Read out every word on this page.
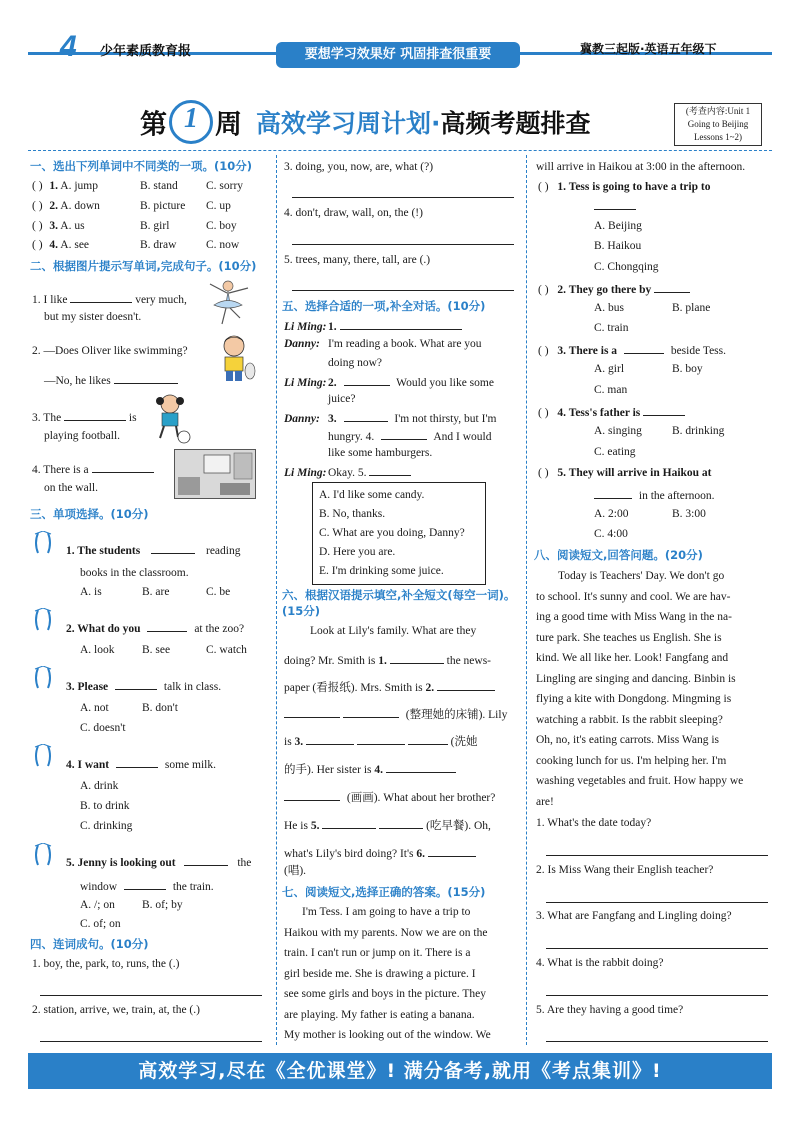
4 少年素质教育报	要想学习效果好 巩固排查很重要	冀教三起版·英语五年级下
第 1 周 高效学习周计划·高频考题排查	(考查内容:Unit 1
Going to Beijing
Lessons 1~2)
一、选出下列单词中不同类的一项。(10分)
( ) 1. A. jump	B. stand C. sorry
( ) 2. A. down	B. picture C. up
( ) 3. A. us	B. girl	C. boy
( ) 4. A. see	B. draw	C. now
二、根据图片提示写单词,完成句子。(10分)
1. I like	very much,
but my sister doesn't.
2. —Does Oliver like swimming?
—No, he likes
3. The	is
playing football.
4. There is a
on the wall.
三、单项选择。(10分)
1. The students	reading
books in the classroom.
A. is	B. are	C. be
2. What do you	at the zoo?
A. look B. see	C. watch
3. Please	talk in class.
A. not	B. don't
C. doesn't
4. I want	some milk.
A. drink
B. to drink
C. drinking
5. Jenny is looking out	the
window	the train.
A. /; on B. of; by
C. of; on
四、连词成句。(10分)
1. boy, the, park, to, runs, the (.)
2. station, arrive, we, train, at, the (.)
3. doing, you, now, are, what (?)
4. don't, draw, wall, on, the (!)
5. trees, many, there, tall, are (.)
五、选择合适的一项,补全对话。(10分)
Li Ming: 1.
Danny: I'm reading a book. What are you
doing now?
Li Ming: 2.	Would you like some
juice?
Danny: 3.	I'm not thirsty, but I'm
hungry. 4.	And I would
like some hamburgers.
Li Ming: Okay. 5.
A. I'd like some candy.
B. No, thanks.
C. What are you doing, Danny?
D. Here you are.
E. I'm drinking some juice.
六、根据汉语提示填空,补全短文(每空一词)。(15分)
Look at Lily's family. What are they
doing? Mr. Smith is 1.	the news-
paper (看报纸). Mrs. Smith is 2.
(整理她的床铺). Lily
is 3.	(洗她
的手). Her sister is 4.
(画画). What about her brother?
He is 5.	(吃早餐). Oh,
what's Lily's bird doing? It's 6.
(唱).
七、阅读短文,选择正确的答案。(15分)
I'm Tess. I am going to have a trip to
Haikou with my parents. Now we are on the
train. I can't run or jump on it. There is a
girl beside me. She is drawing a picture. I
see some girls and boys in the picture. They
are playing. My father is eating a banana.
My mother is looking out of the window. We
will arrive in Haikou at 3:00 in the afternoon.
( ) 1. Tess is going to have a trip to
A. Beijing
B. Haikou
C. Chongqing
( ) 2. They go there by
A. bus	B. plane
C. train
( ) 3. There is a	beside Tess.
A. girl	B. boy
C. man
( ) 4. Tess's father is
A. singing	B. drinking
C. eating
( ) 5. They will arrive in Haikou at
in the afternoon.
A. 2:00	B. 3:00
C. 4:00
八、阅读短文,回答问题。(20分)
Today is Teachers' Day. We don't go
to school. It's sunny and cool. We are hav-
ing a good time with Miss Wang in the na-
ture park. She teaches us English. She is
kind. We all like her. Look! Fangfang and
Lingling are singing and dancing. Binbin is
flying a kite with Dongdong. Mingming is
watching a rabbit. Is the rabbit sleeping?
Oh, no, it's eating carrots. Miss Wang is
cooking lunch for us. I'm helping her. I'm
washing vegetables and fruit. How happy we
are!
1. What's the date today?
2. Is Miss Wang their English teacher?
3. What are Fangfang and Lingling doing?
4. What is the rabbit doing?
5. Are they having a good time?
高效学习,尽在《全优课堂》! 满分备考,就用《考点集训》!
